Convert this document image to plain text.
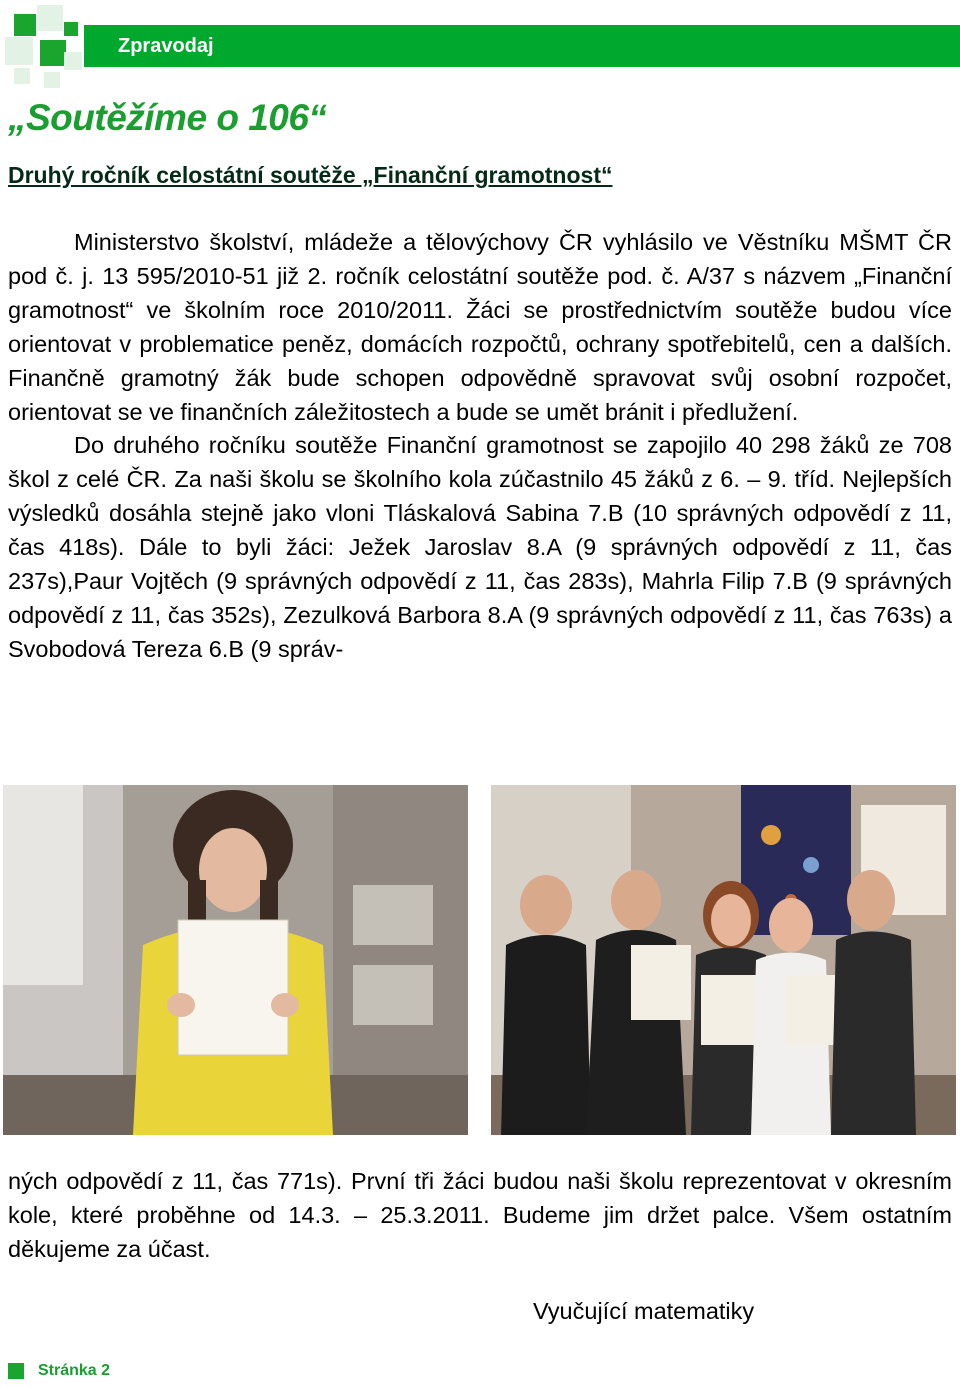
Zpravodaj
„Soutěžíme o 106“
Druhý ročník celostátní soutěže „Finanční gramotnost“

Ministerstvo školství, mládeže a tělovýchovy ČR vyhlásilo ve Věstníku MŠMT ČR pod č. j. 13 595/2010-51 již 2. ročník celostátní soutěže pod. č. A/37 s názvem „Finanční gramotnost“ ve školním roce 2010/2011. Žáci se prostřednictvím soutěže budou více orientovat v problematice peněz, domácích rozpočtů, ochrany spotřebitelů, cen a dalších. Finančně gramotný žák bude schopen odpovědně spravovat svůj osobní rozpočet, orientovat se ve finančních záležitostech a bude se umět bránit i předlužení.

Do druhého ročníku soutěže Finanční gramotnost se zapojilo 40 298 žáků ze 708 škol z celé ČR. Za naši školu se školního kola zúčastnilo 45 žáků z 6. – 9. tříd. Nejlepších výsledků dosáhla stejně jako vloni Tláskalová Sabina 7.B (10 správných odpovědí z 11, čas 418s). Dále to byli žáci: Ježek Jaroslav 8.A (9 správných odpovědí z 11, čas 237s),Paur Vojtěch (9 správných odpovědí z 11, čas 283s), Mahrla Filip 7.B (9 správných odpovědí z 11, čas 352s), Zezulková Barbora 8.A (9 správných odpovědí z 11, čas 763s) a Svobodová Tereza 6.B (9 správ-

ných odpovědí z 11, čas 771s). První tři žáci budou naši školu reprezentovat v okresním kole, které proběhne od 14.3. – 25.3.2011. Budeme jim držet palce. Všem ostatním děkujeme za účast.

Vyučující matematiky
Stránka 2
